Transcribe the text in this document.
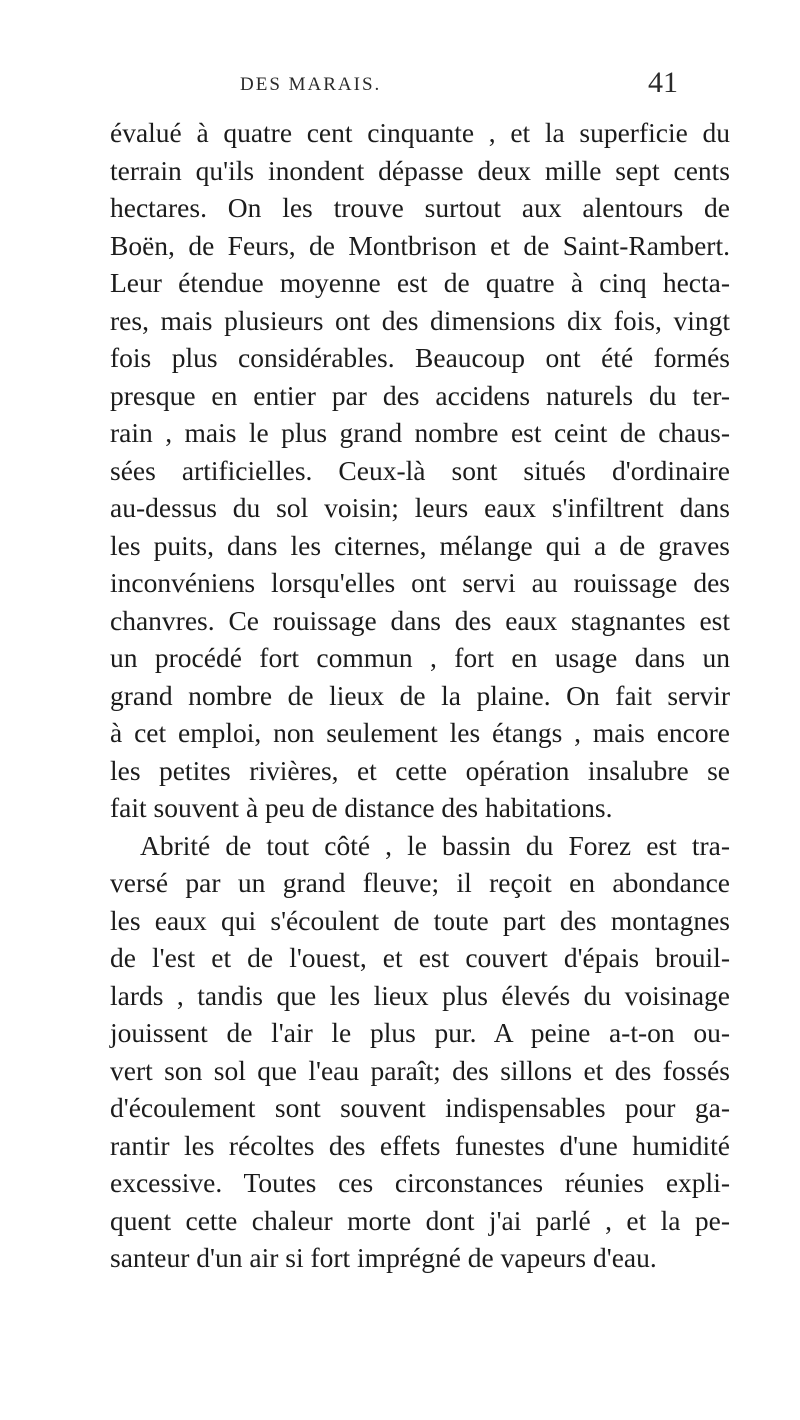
DES MARAIS.	41
évalué à quatre cent cinquante , et la superficie du
terrain qu'ils inondent dépasse deux mille sept cents
hectares. On les trouve surtout aux alentours de
Boën, de Feurs, de Montbrison et de Saint-Rambert.
Leur étendue moyenne est de quatre à cinq hecta-
res, mais plusieurs ont des dimensions dix fois, vingt
fois plus considérables. Beaucoup ont été formés
presque en entier par des accidens naturels du ter-
rain , mais le plus grand nombre est ceint de chaus-
sées artificielles. Ceux-là sont situés d'ordinaire
au-dessus du sol voisin; leurs eaux s'infiltrent dans
les puits, dans les citernes, mélange qui a de graves
inconvéniens lorsqu'elles ont servi au rouissage des
chanvres. Ce rouissage dans des eaux stagnantes est
un procédé fort commun , fort en usage dans un
grand nombre de lieux de la plaine. On fait servir
à cet emploi, non seulement les étangs , mais encore
les petites rivières, et cette opération insalubre se
fait souvent à peu de distance des habitations.
Abrité de tout côté , le bassin du Forez est tra-
versé par un grand fleuve; il reçoit en abondance
les eaux qui s'écoulent de toute part des montagnes
de l'est et de l'ouest, et est couvert d'épais brouil-
lards , tandis que les lieux plus élevés du voisinage
jouissent de l'air le plus pur. A peine a-t-on ou-
vert son sol que l'eau paraît; des sillons et des fossés
d'écoulement sont souvent indispensables pour ga-
rantir les récoltes des effets funestes d'une humidité
excessive. Toutes ces circonstances réunies expli-
quent cette chaleur morte dont j'ai parlé , et la pe-
santeur d'un air si fort imprégné de vapeurs d'eau.
